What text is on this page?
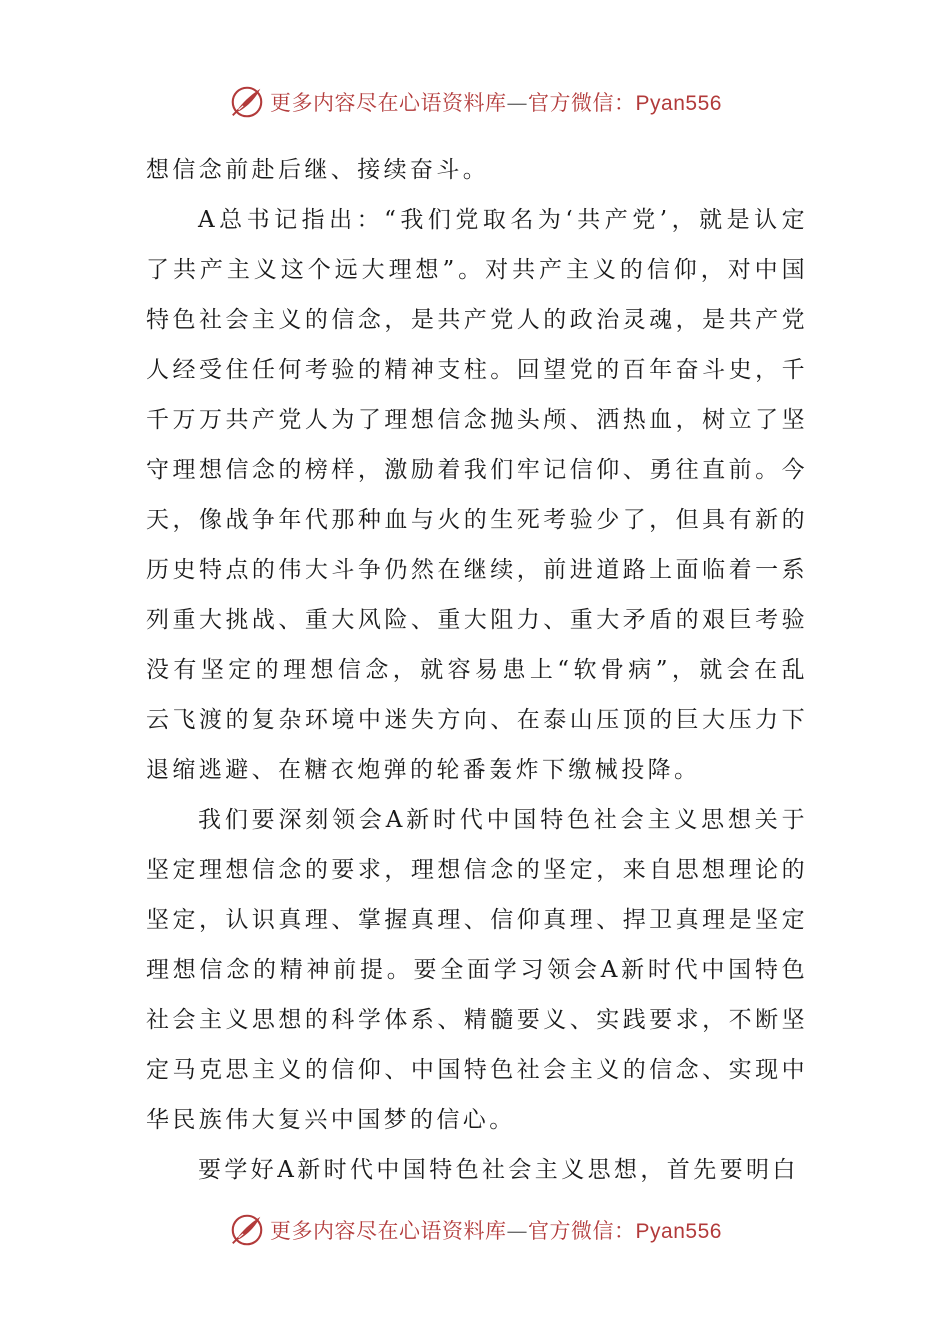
更多内容尽在心语资料库—官方微信：Pyan556

想信念前赴后继、接续奋斗。

A总书记指出：“我们党取名为‘共产党’，就是认定了共产主义这个远大理想”。对共产主义的信仰，对中国特色社会主义的信念，是共产党人的政治灵魂，是共产党人经受住任何考验的精神支柱。回望党的百年奋斗史，千千万万共产党人为了理想信念抛头颅、洒热血，树立了坚守理想信念的榜样，激励着我们牢记信仰、勇往直前。今天，像战争年代那种血与火的生死考验少了，但具有新的历史特点的伟大斗争仍然在继续，前进道路上面临着一系列重大挑战、重大风险、重大阻力、重大矛盾的艰巨考验没有坚定的理想信念，就容易患上“软骨病”，就会在乱云飞渡的复杂环境中迷失方向、在泰山压顶的巨大压力下退缩逃避、在糖衣炮弹的轮番轰炸下缴械投降。

我们要深刻领会A新时代中国特色社会主义思想关于坚定理想信念的要求，理想信念的坚定，来自思想理论的坚定，认识真理、掌握真理、信仰真理、捍卫真理是坚定理想信念的精神前提。要全面学习领会A新时代中国特色社会主义思想的科学体系、精髓要义、实践要求，不断坚定马克思主义的信仰、中国特色社会主义的信念、实现中华民族伟大复兴中国梦的信心。

要学好A新时代中国特色社会主义思想，首先要明白

更多内容尽在心语资料库—官方微信：Pyan556
